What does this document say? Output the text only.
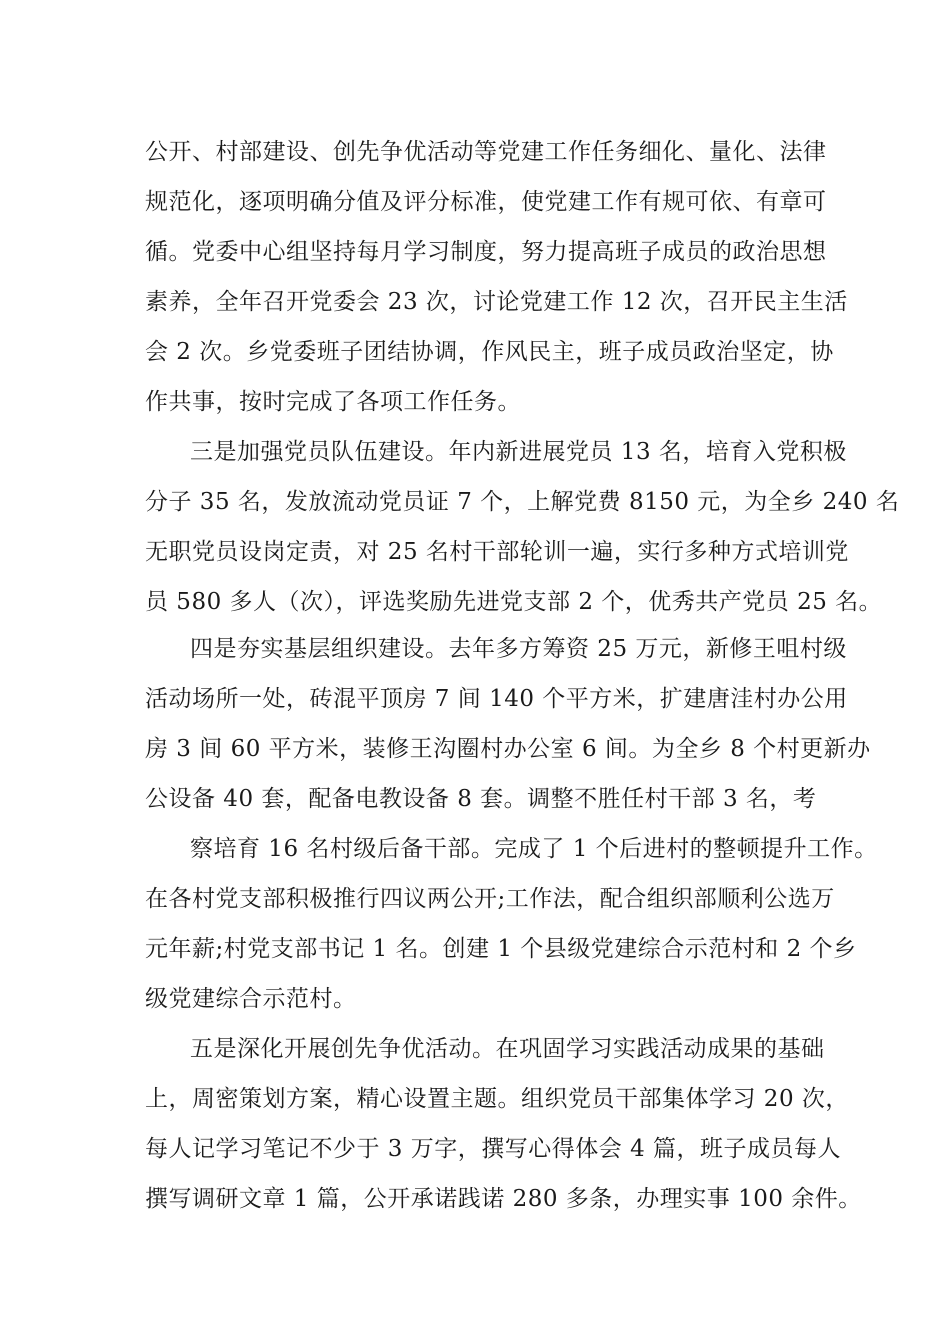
公开、村部建设、创先争优活动等党建工作任务细化、量化、法律
规范化，逐项明确分值及评分标准，使党建工作有规可依、有章可
循。党委中心组坚持每月学习制度，努力提高班子成员的政治思想
素养，全年召开党委会 23 次，讨论党建工作 12 次，召开民主生活
会 2 次。乡党委班子团结协调，作风民主，班子成员政治坚定，协
作共事，按时完成了各项工作任务。
三是加强党员队伍建设。年内新进展党员 13 名，培育入党积极
分子 35 名，发放流动党员证 7 个，上解党费 8150 元，为全乡 240 名
无职党员设岗定责，对 25 名村干部轮训一遍，实行多种方式培训党
员 580 多人（次），评选奖励先进党支部 2 个，优秀共产党员 25 名。
四是夯实基层组织建设。去年多方筹资 25 万元，新修王咀村级
活动场所一处，砖混平顶房 7 间 140 个平方米，扩建唐洼村办公用
房 3 间 60 平方米，装修王沟圈村办公室 6 间。为全乡 8 个村更新办
公设备 40 套，配备电教设备 8 套。调整不胜任村干部 3 名，考
察培育 16 名村级后备干部。完成了 1 个后进村的整顿提升工作。
在各村党支部积极推行四议两公开;工作法，配合组织部顺利公选万
元年薪;村党支部书记 1 名。创建 1 个县级党建综合示范村和 2 个乡
级党建综合示范村。
五是深化开展创先争优活动。在巩固学习实践活动成果的基础
上，周密策划方案，精心设置主题。组织党员干部集体学习 20 次，
每人记学习笔记不少于 3 万字，撰写心得体会 4 篇，班子成员每人
撰写调研文章 1 篇，公开承诺践诺 280 多条，办理实事 100 余件。
